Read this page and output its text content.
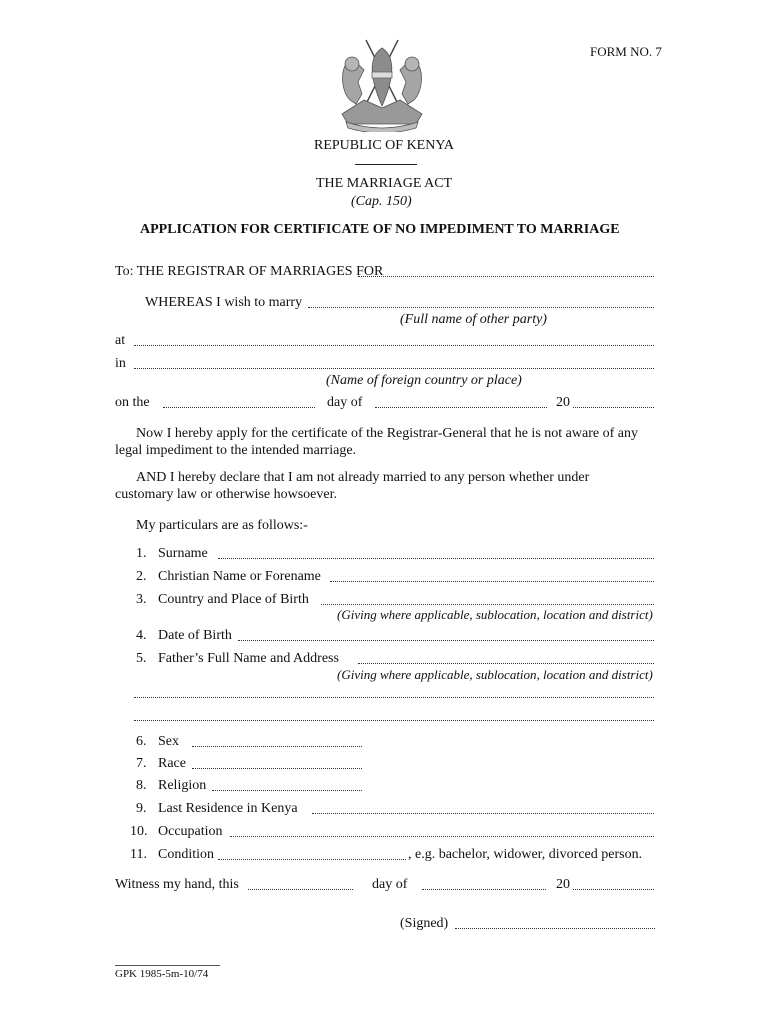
FORM NO. 7
REPUBLIC OF KENYA
THE MARRIAGE ACT
(Cap. 150)
APPLICATION FOR CERTIFICATE OF NO IMPEDIMENT TO MARRIAGE
To: THE REGISTRAR OF MARRIAGES FOR
WHEREAS I wish to marry
(Full name of other party)
at
in
(Name of foreign country or place)
on the	day of	20
Now I hereby apply for the certificate of the Registrar-General that he is not aware of any
legal impediment to the intended marriage.
AND I hereby declare that I am not already married to any person whether under
customary law or otherwise howsoever.
My particulars are as follows:-
1. Surname
2. Christian Name or Forename
3. Country and Place of Birth
(Giving where applicable, sublocation, location and district)
4. Date of Birth
5. Father’s Full Name and Address
(Giving where applicable, sublocation, location and district)
6. Sex
7. Race
8. Religion
9. Last Residence in Kenya
10. Occupation
11. Condition	, e.g. bachelor, widower, divorced person.
Witness my hand, this	day of	20
(Signed)
GPK 1985-5m-10/74
